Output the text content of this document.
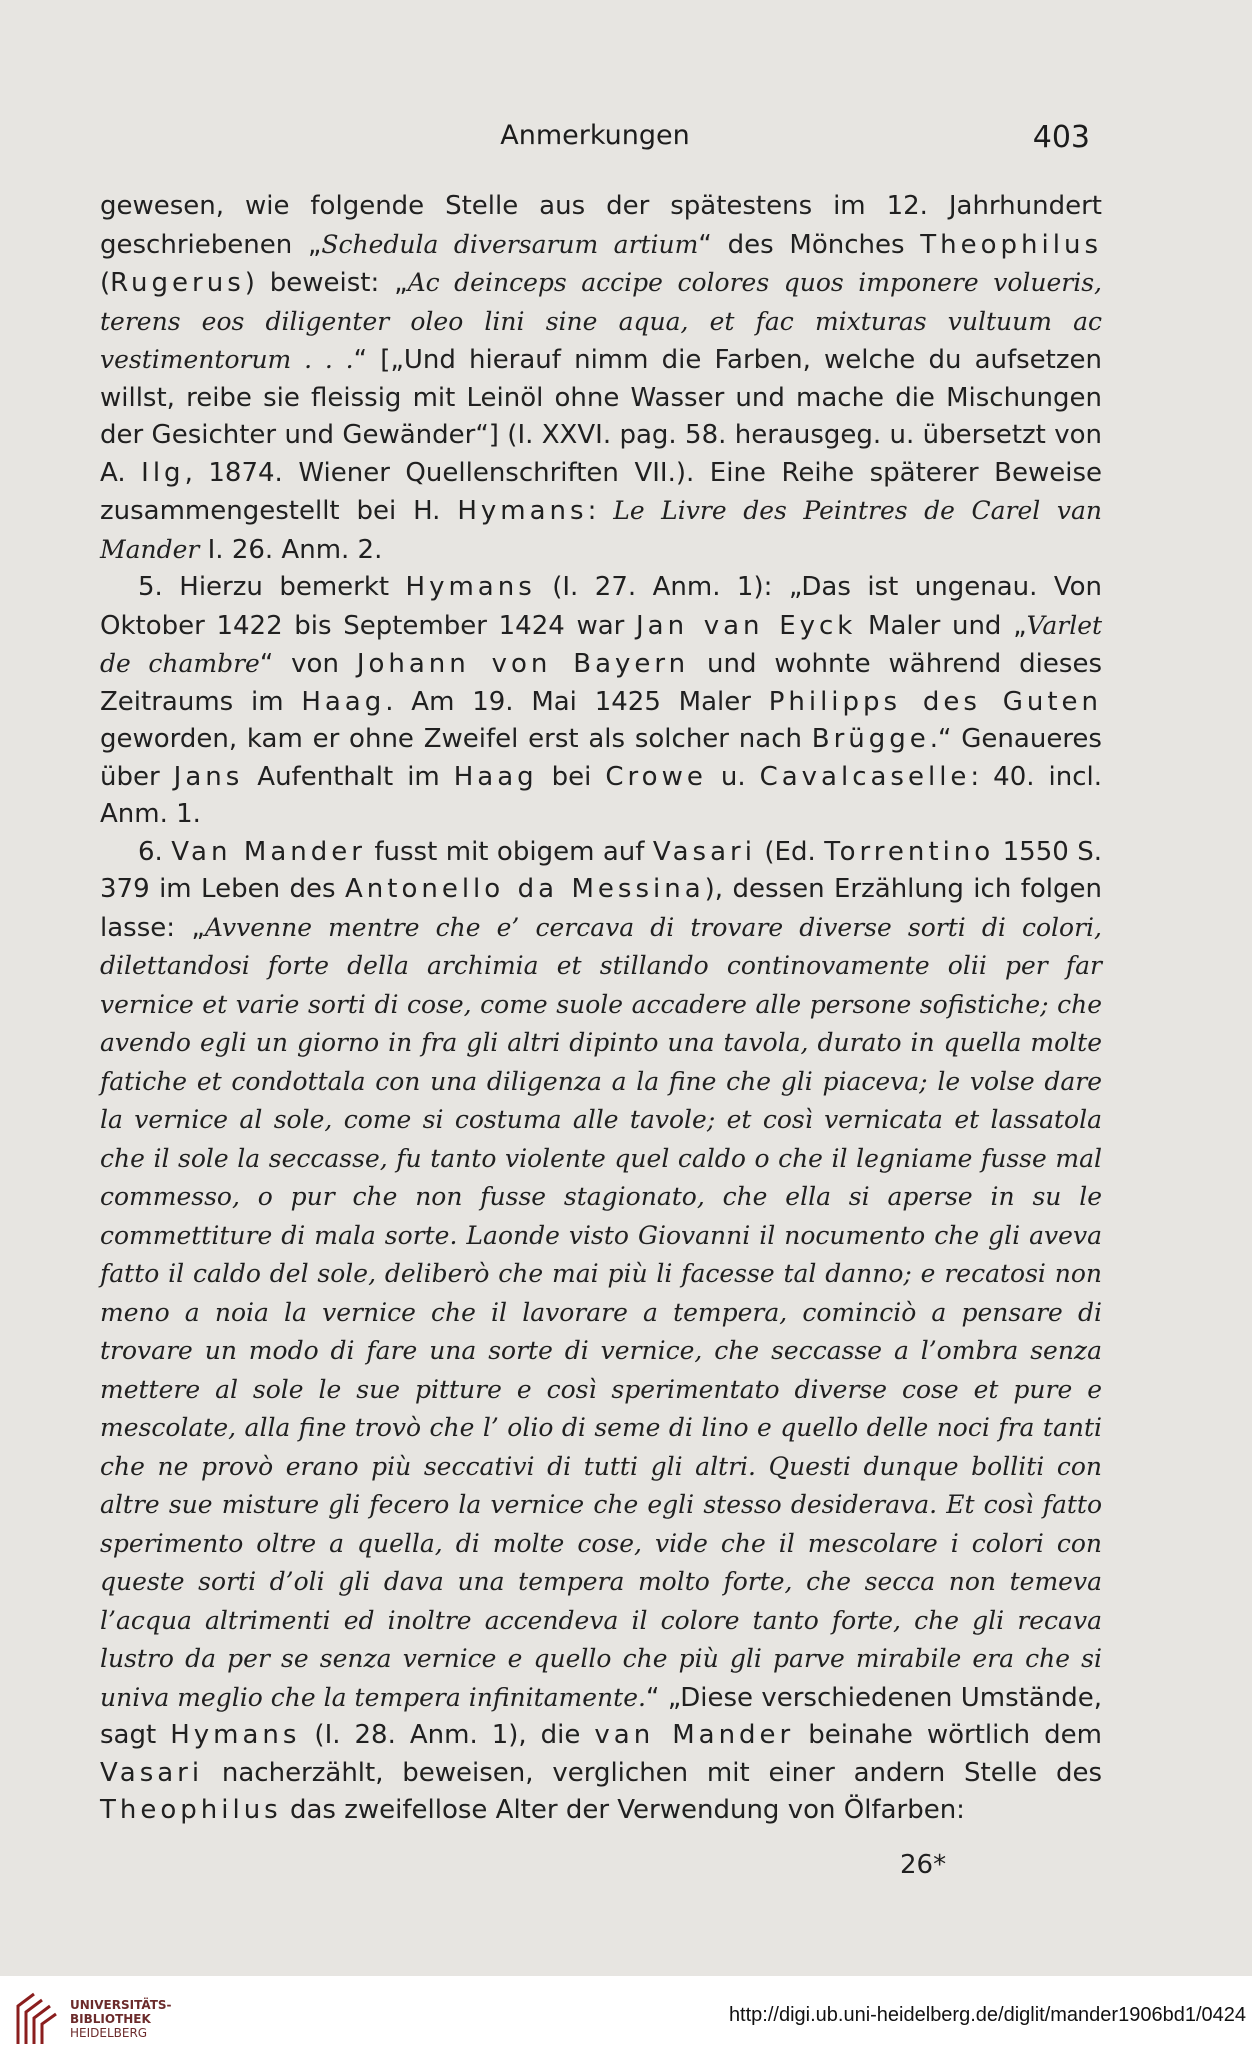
Anmerkungen	403

gewesen, wie folgende Stelle aus der spätestens im 12. Jahrhundert geschriebenen „Schedula diversarum artium“ des Mönches Theophilus (Rugerus) beweist: „Ac deinceps accipe colores quos imponere volueris, terens eos diligenter oleo lini sine aqua, et fac mixturas vultuum ac vestimentorum . . .“ [„Und hierauf nimm die Farben, welche du aufsetzen willst, reibe sie fleissig mit Leinöl ohne Wasser und mache die Mischungen der Gesichter und Gewänder“] (I. XXVI. pag. 58. herausgeg. u. übersetzt von A. Ilg, 1874. Wiener Quellenschriften VII.). Eine Reihe späterer Beweise zusammengestellt bei H. Hymans: Le Livre des Peintres de Carel van Mander I. 26. Anm. 2.

5. Hierzu bemerkt Hymans (I. 27. Anm. 1): „Das ist ungenau. Von Oktober 1422 bis September 1424 war Jan van Eyck Maler und „Varlet de chambre“ von Johann von Bayern und wohnte während dieses Zeitraums im Haag. Am 19. Mai 1425 Maler Philipps des Guten geworden, kam er ohne Zweifel erst als solcher nach Brügge.“ Genaueres über Jans Aufenthalt im Haag bei Crowe u. Cavalcaselle: 40. incl. Anm. 1.

6. Van Mander fusst mit obigem auf Vasari (Ed. Torrentino 1550 S. 379 im Leben des Antonello da Messina), dessen Erzählung ich folgen lasse: „Avvenne mentre che e’ cercava di trovare diverse sorti di colori, dilettandosi forte della archimia et stillando continovamente olii per far vernice et varie sorti di cose, come suole accadere alle persone sofistiche; che avendo egli un giorno in fra gli altri dipinto una tavola, durato in quella molte fatiche et condottala con una diligenza a la fine che gli piaceva; le volse dare la vernice al sole, come si costuma alle tavole; et così vernicata et lassatola che il sole la seccasse, fu tanto violente quel caldo o che il legniame fusse mal commesso, o pur che non fusse stagionato, che ella si aperse in su le commettiture di mala sorte. Laonde visto Giovanni il nocumento che gli aveva fatto il caldo del sole, deliberò che mai più li facesse tal danno; e recatosi non meno a noia la vernice che il lavorare a tempera, cominciò a pensare di trovare un modo di fare una sorte di vernice, che seccasse a l’ombra senza mettere al sole le sue pitture e così sperimentato diverse cose et pure e mescolate, alla fine trovò che l’ olio di seme di lino e quello delle noci fra tanti che ne provò erano più seccativi di tutti gli altri. Questi dunque bolliti con altre sue misture gli fecero la vernice che egli stesso desiderava. Et così fatto sperimento oltre a quella, di molte cose, vide che il mescolare i colori con queste sorti d’oli gli dava una tempera molto forte, che secca non temeva l’acqua altrimenti ed inoltre accendeva il colore tanto forte, che gli recava lustro da per se senza vernice e quello che più gli parve mirabile era che si univa meglio che la tempera infinitamente.“ „Diese verschiedenen Umstände, sagt Hymans (I. 28. Anm. 1), die van Mander beinahe wörtlich dem Vasari nacherzählt, beweisen, verglichen mit einer andern Stelle des Theophilus das zweifellose Alter der Verwendung von Ölfarben:

26*
UNIVERSITÄTS-
BIBLIOTHEK
HEIDELBERG
http://digi.ub.uni-heidelberg.de/diglit/mander1906bd1/0424
